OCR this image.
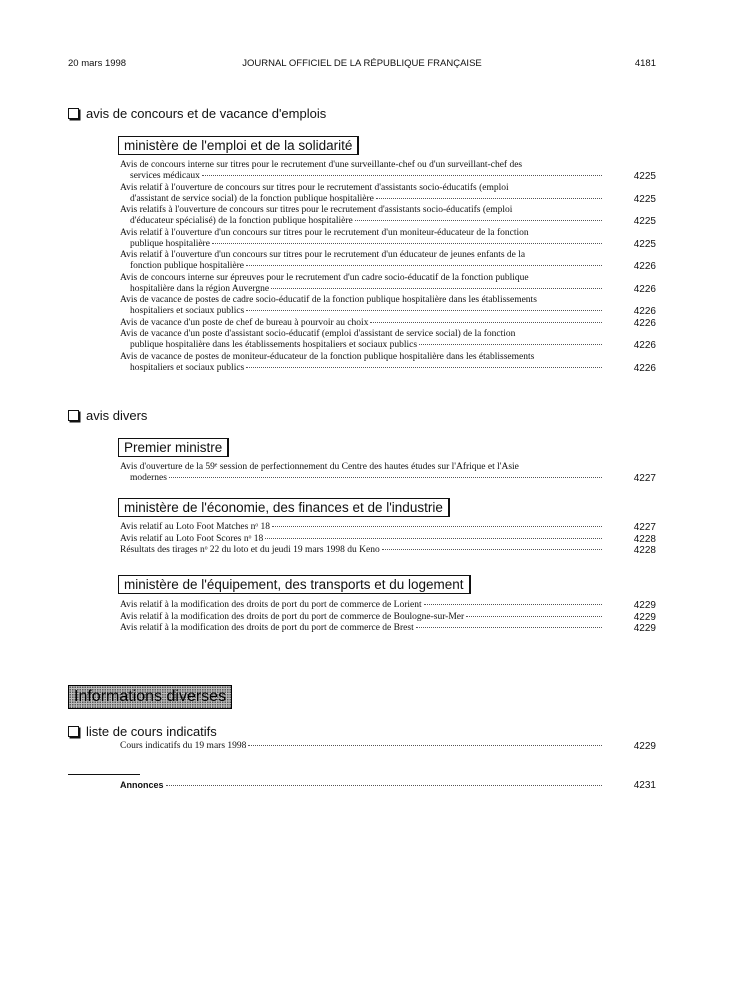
20 mars 1998	JOURNAL OFFICIEL DE LA RÉPUBLIQUE FRANÇAISE	4181
avis de concours et de vacance d'emplois
ministère de l'emploi et de la solidarité
Avis de concours interne sur titres pour le recrutement d'une surveillante-chef ou d'un surveillant-chef des
services médicaux	4225
Avis relatif à l'ouverture de concours sur titres pour le recrutement d'assistants socio-éducatifs (emploi
d'assistant de service social) de la fonction publique hospitalière	4225
Avis relatifs à l'ouverture de concours sur titres pour le recrutement d'assistants socio-éducatifs (emploi
d'éducateur spécialisé) de la fonction publique hospitalière	4225
Avis relatif à l'ouverture d'un concours sur titres pour le recrutement d'un moniteur-éducateur de la fonction
publique hospitalière	4225
Avis relatif à l'ouverture d'un concours sur titres pour le recrutement d'un éducateur de jeunes enfants de la
fonction publique hospitalière	4226
Avis de concours interne sur épreuves pour le recrutement d'un cadre socio-éducatif de la fonction publique
hospitalière dans la région Auvergne	4226
Avis de vacance de postes de cadre socio-éducatif de la fonction publique hospitalière dans les établissements
hospitaliers et sociaux publics	4226
Avis de vacance d'un poste de chef de bureau à pourvoir au choix	4226
Avis de vacance d'un poste d'assistant socio-éducatif (emploi d'assistant de service social) de la fonction
publique hospitalière dans les établissements hospitaliers et sociaux publics	4226
Avis de vacance de postes de moniteur-éducateur de la fonction publique hospitalière dans les établissements
hospitaliers et sociaux publics	4226
avis divers
Premier ministre
Avis d'ouverture de la 59ᵉ session de perfectionnement du Centre des hautes études sur l'Afrique et l'Asie
modernes	4227
ministère de l'économie, des finances et de l'industrie
Avis relatif au Loto Foot Matches nᵒ 18	4227
Avis relatif au Loto Foot Scores nᵒ 18	4228
Résultats des tirages nᵒ 22 du loto et du jeudi 19 mars 1998 du Keno	4228
ministère de l'équipement, des transports et du logement
Avis relatif à la modification des droits de port du port de commerce de Lorient	4229
Avis relatif à la modification des droits de port du port de commerce de Boulogne-sur-Mer	4229
Avis relatif à la modification des droits de port du port de commerce de Brest	4229
Informations diverses
liste de cours indicatifs
Cours indicatifs du 19 mars 1998	4229
Annonces	4231
